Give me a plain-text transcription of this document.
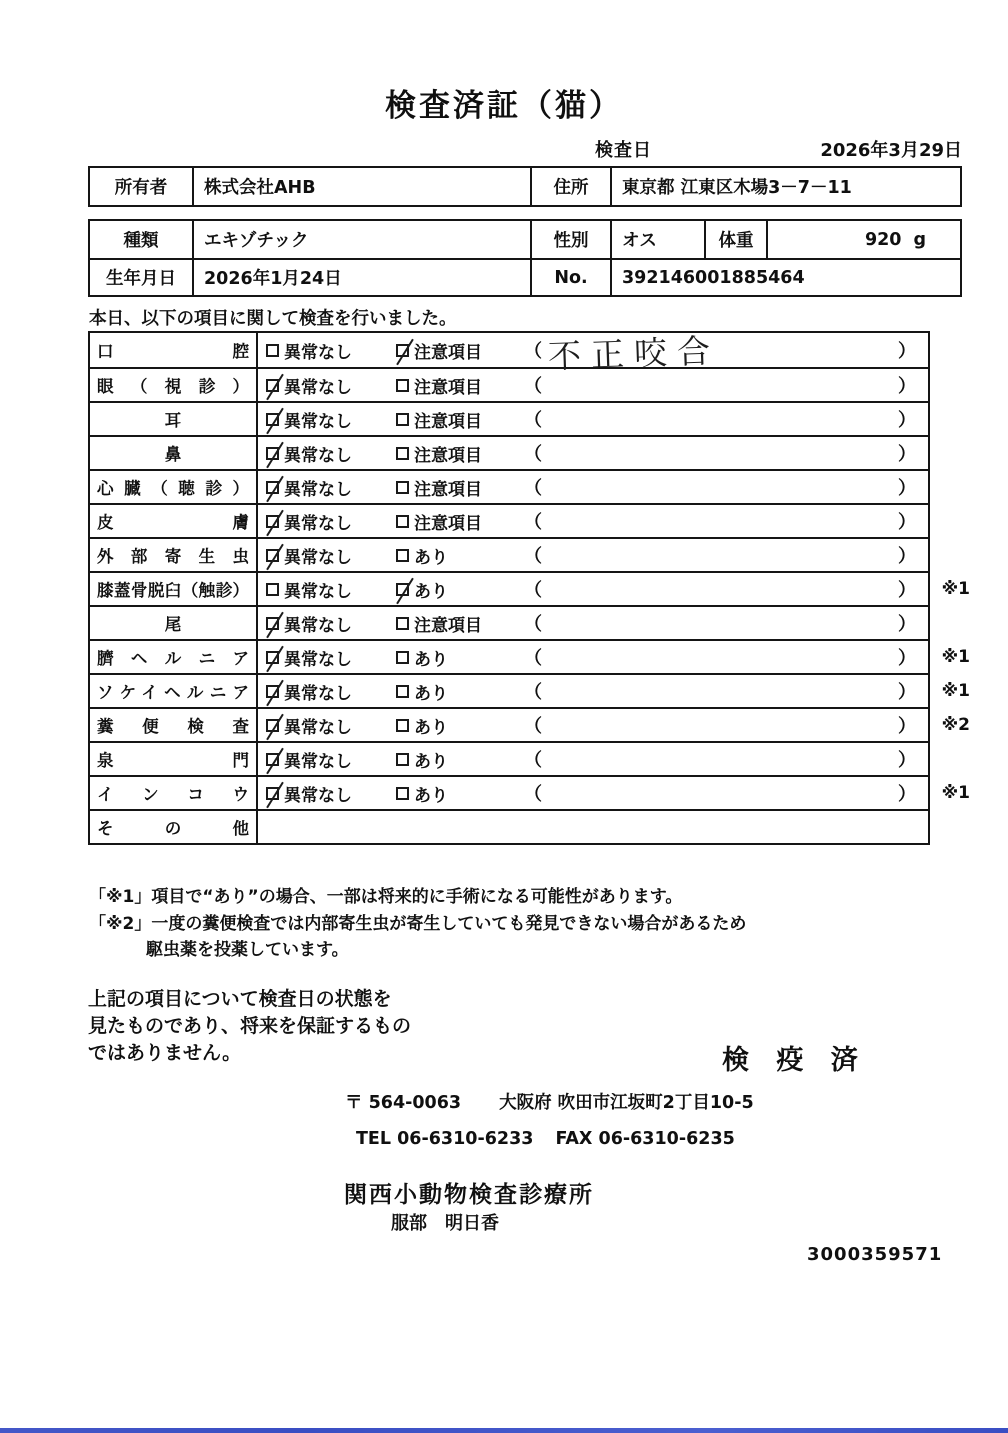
検査済証（猫）
検査日	2026年3月29日
所有者	株式会社AHB	住所	東京都 江東区木場3－7－11
種類	エキゾチック	性別	オス	体重	920 g
生年月日	2026年1月24日	No.	392146001885464
本日、以下の項目に関して検査を行いました。
口腔 異常なし	注意項目 （ 不正咬合	）
眼（視診） 異常なし	注意項目 （	）
耳	異常なし	注意項目 （	）
鼻	異常なし	注意項目 （	）
心臓（聴診） 異常なし	注意項目 （	）
皮膚 異常なし	注意項目 （	）
外部寄生虫 異常なし	あり	（	）
膝蓋骨脱臼（触診） 異常なし	あり	（	） ※1
尾	異常なし	注意項目 （	）
臍ヘルニア 異常なし	あり	（	） ※1
ソケイヘルニア 異常なし	あり	（	） ※1
糞便検査 異常なし	あり	（	） ※2
泉門 異常なし	あり	（	）
インコウ 異常なし	あり	（	） ※1
その他
「※1」項目で“あり”の場合、一部は将来的に手術になる可能性があります。
「※2」一度の糞便検査では内部寄生虫が寄生していても発見できない場合があるため
駆虫薬を投薬しています。
上記の項目について検査日の状態を
見たものであり、将来を保証するもの
ではありません。	検 疫 済
〒 564-0063 大阪府 吹田市江坂町2丁目10-5
TEL 06-6310-6233 FAX 06-6310-6235
関西小動物検査診療所
服部　明日香
3000359571
